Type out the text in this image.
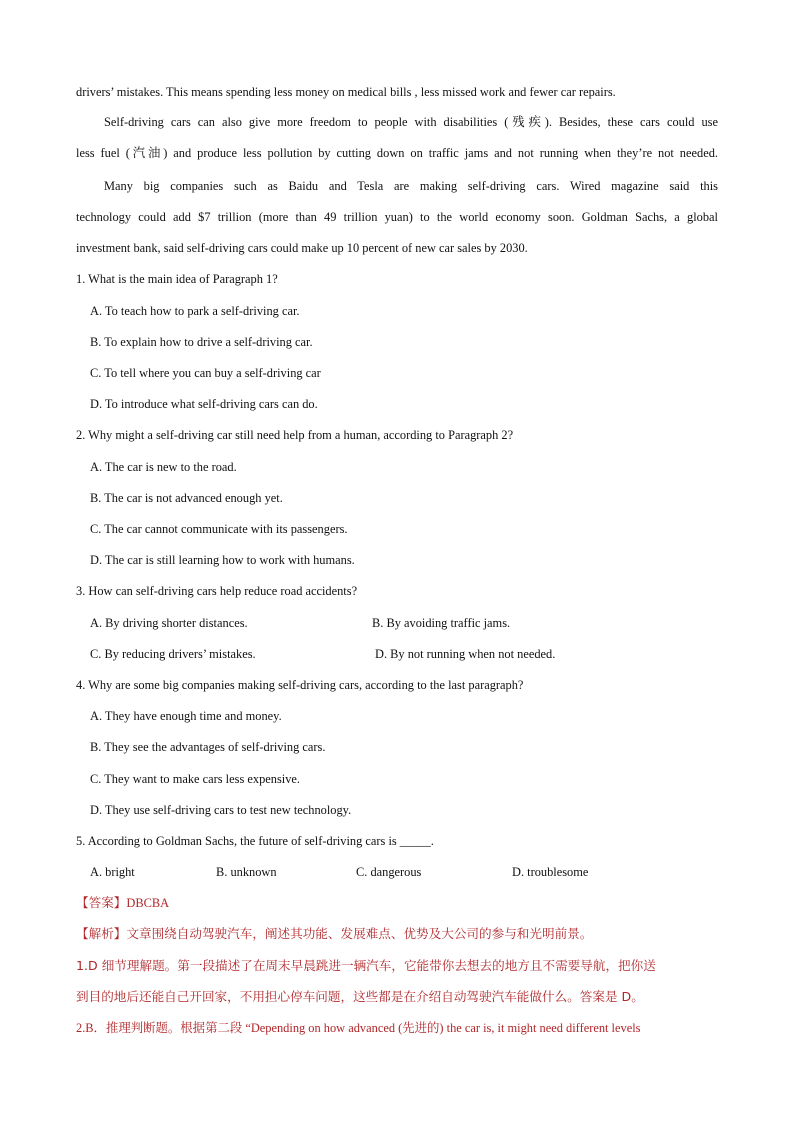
drivers’ mistakes. This means spending less money on medical bills , less missed work and fewer car repairs.
Self-driving cars can also give more freedom to people with disabilities (残疾). Besides, these cars could use
less fuel (汽油) and produce less pollution by cutting down on traffic jams and not running when they’re not needed.
Many big companies such as Baidu and Tesla are making self-driving cars. Wired magazine said this
technology could add $7 trillion (more than 49 trillion yuan) to the world economy soon. Goldman Sachs, a global
investment bank, said self-driving cars could make up 10 percent of new car sales by 2030.
1. What is the main idea of Paragraph 1?
A. To teach how to park a self-driving car.
B. To explain how to drive a self-driving car.
C. To tell where you can buy a self-driving car
D. To introduce what self-driving cars can do.
2. Why might a self-driving car still need help from a human, according to Paragraph 2?
A. The car is new to the road.
B. The car is not advanced enough yet.
C. The car cannot communicate with its passengers.
D. The car is still learning how to work with humans.
3. How can self-driving cars help reduce road accidents?
A. By driving shorter distances.	B. By avoiding traffic jams.
C. By reducing drivers’ mistakes.	D. By not running when not needed.
4. Why are some big companies making self-driving cars, according to the last paragraph?
A. They have enough time and money.
B. They see the advantages of self-driving cars.
C. They want to make cars less expensive.
D. They use self-driving cars to test new technology.
5. According to Goldman Sachs, the future of self-driving cars is _____.
A. bright	B. unknown	C. dangerous	D. troublesome
【答案】DBCBA
【解析】文章围绕自动驾驶汽车，阐述其功能、发展难点、优势及大公司的参与和光明前景。
1.D 细节理解题。第一段描述了在周末早晨跳进一辆汽车，它能带你去想去的地方且不需要导航，把你送
到目的地后还能自己开回家，不用担心停车问题，这些都是在介绍自动驾驶汽车能做什么。答案是 D。
2.B．推理判断题。根据第二段 “Depending on how advanced (先进的) the car is, it might need different levels
